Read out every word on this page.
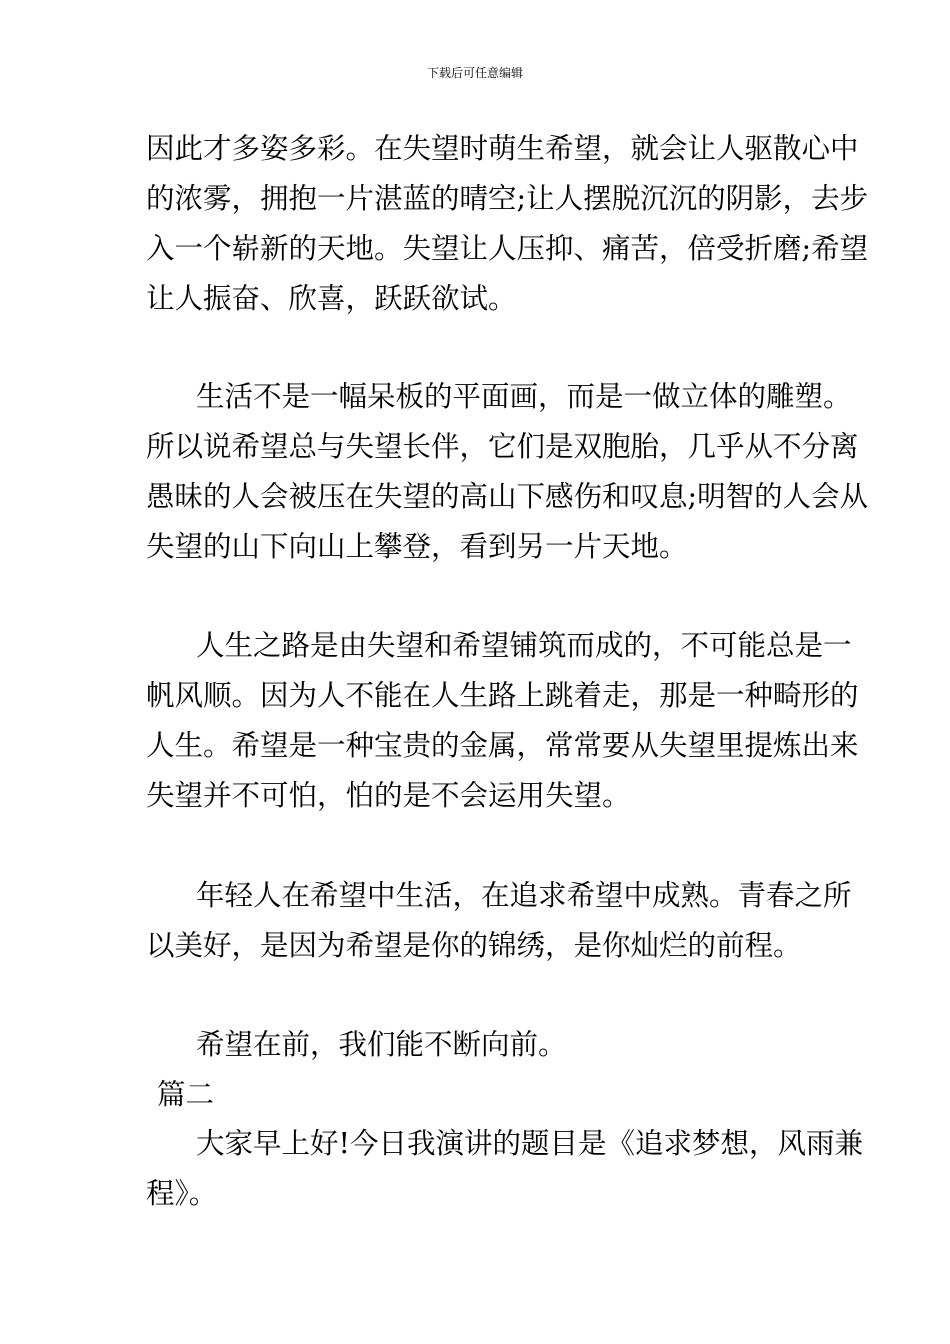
下载后可任意编辑
因此才多姿多彩。在失望时萌生希望，就会让人驱散心中
的浓雾，拥抱一片湛蓝的晴空;让人摆脱沉沉的阴影，去步
入一个崭新的天地。失望让人压抑、痛苦，倍受折磨;希望
让人振奋、欣喜，跃跃欲试。
生活不是一幅呆板的平面画，而是一做立体的雕塑。
所以说希望总与失望长伴，它们是双胞胎，几乎从不分离
愚昧的人会被压在失望的高山下感伤和叹息;明智的人会从
失望的山下向山上攀登，看到另一片天地。
人生之路是由失望和希望铺筑而成的，不可能总是一
帆风顺。因为人不能在人生路上跳着走，那是一种畸形的
人生。希望是一种宝贵的金属，常常要从失望里提炼出来
失望并不可怕，怕的是不会运用失望。
年轻人在希望中生活，在追求希望中成熟。青春之所
以美好，是因为希望是你的锦绣，是你灿烂的前程。
希望在前，我们能不断向前。
篇二
大家早上好!今日我演讲的题目是《追求梦想，风雨兼
程》。
